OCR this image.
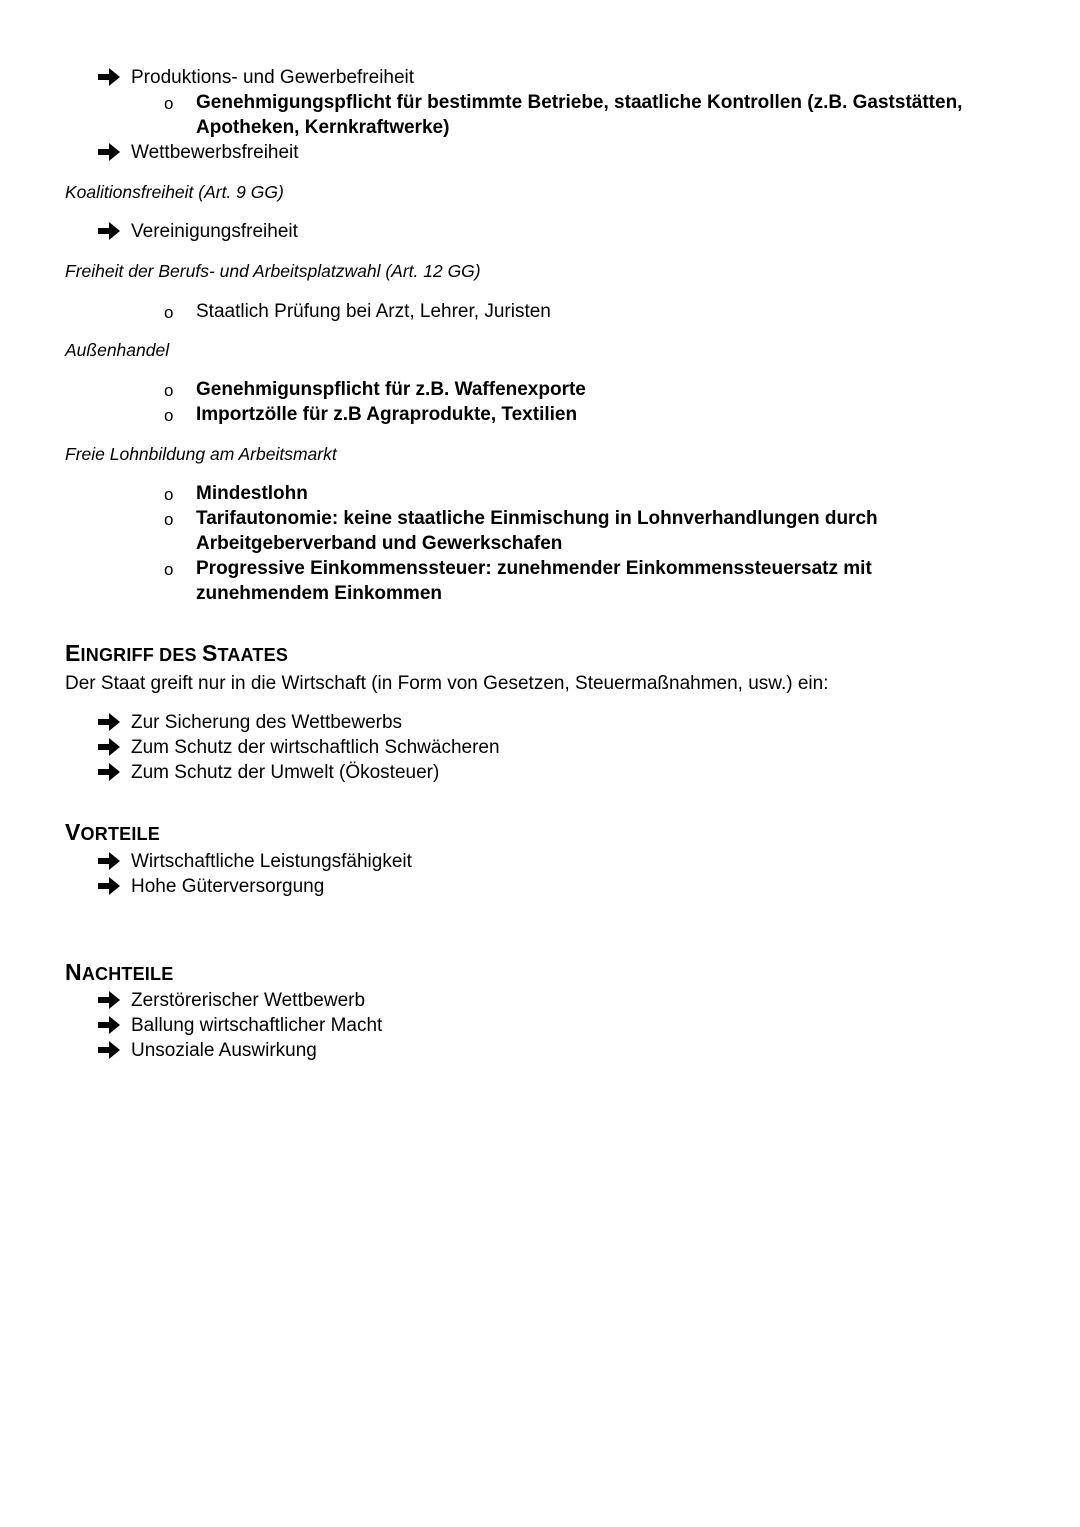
Produktions- und Gewerbefreiheit
o Genehmigungspflicht für bestimmte Betriebe, staatliche Kontrollen (z.B. Gaststätten,
Apotheken, Kernkraftwerke)
Wettbewerbsfreiheit
Koalitionsfreiheit (Art. 9 GG)
Vereinigungsfreiheit
Freiheit der Berufs- und Arbeitsplatzwahl (Art. 12 GG)
o Staatlich Prüfung bei Arzt, Lehrer, Juristen
Außenhandel
o Genehmigunspflicht für z.B. Waffenexporte
o Importzölle für z.B Agraprodukte, Textilien
Freie Lohnbildung am Arbeitsmarkt
o Mindestlohn
o Tarifautonomie: keine staatliche Einmischung in Lohnverhandlungen durch
Arbeitgeberverband und Gewerkschafen
o Progressive Einkommenssteuer: zunehmender Einkommenssteuersatz mit
zunehmendem Einkommen
EINGRIFF DES STAATES
Der Staat greift nur in die Wirtschaft (in Form von Gesetzen, Steuermaßnahmen, usw.) ein:
Zur Sicherung des Wettbewerbs
Zum Schutz der wirtschaftlich Schwächeren
Zum Schutz der Umwelt (Ökosteuer)
VORTEILE
Wirtschaftliche Leistungsfähigkeit
Hohe Güterversorgung
NACHTEILE
Zerstörerischer Wettbewerb
Ballung wirtschaftlicher Macht
Unsoziale Auswirkung
